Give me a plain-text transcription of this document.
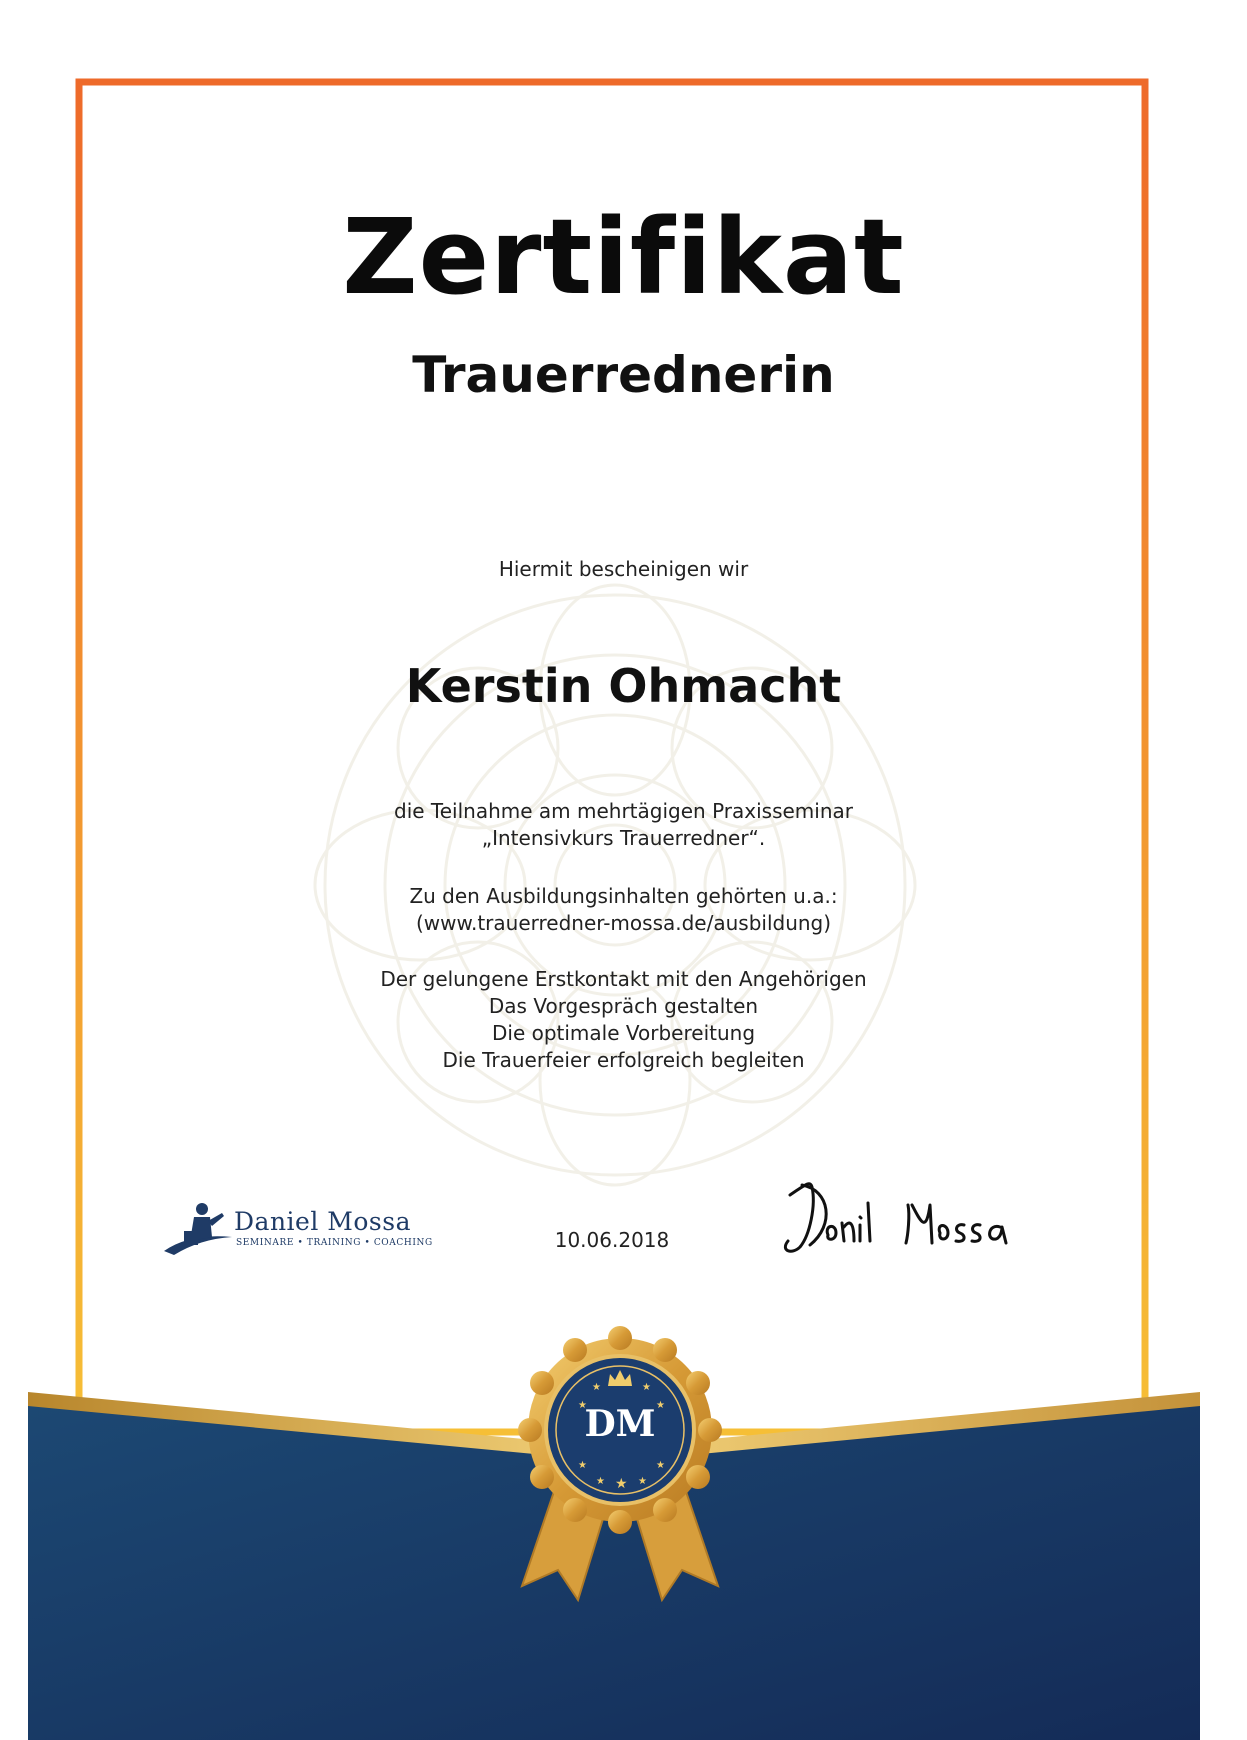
Zertifikat
Trauerrednerin
Hiermit bescheinigen wir
Kerstin Ohmacht
die Teilnahme am mehrtägigen Praxisseminar
„Intensivkurs Trauerredner“.
Zu den Ausbildungsinhalten gehörten u.a.:
(www.trauerredner-mossa.de/ausbildung)
Der gelungene Erstkontakt mit den Angehörigen
Das Vorgespräch gestalten
Die optimale Vorbereitung
Die Trauerfeier erfolgreich begleiten
Daniel Mossa
SEMINARE • TRAINING • COACHING	10.06.2018
★	★
★	★
★	★
★	★
★
DM
